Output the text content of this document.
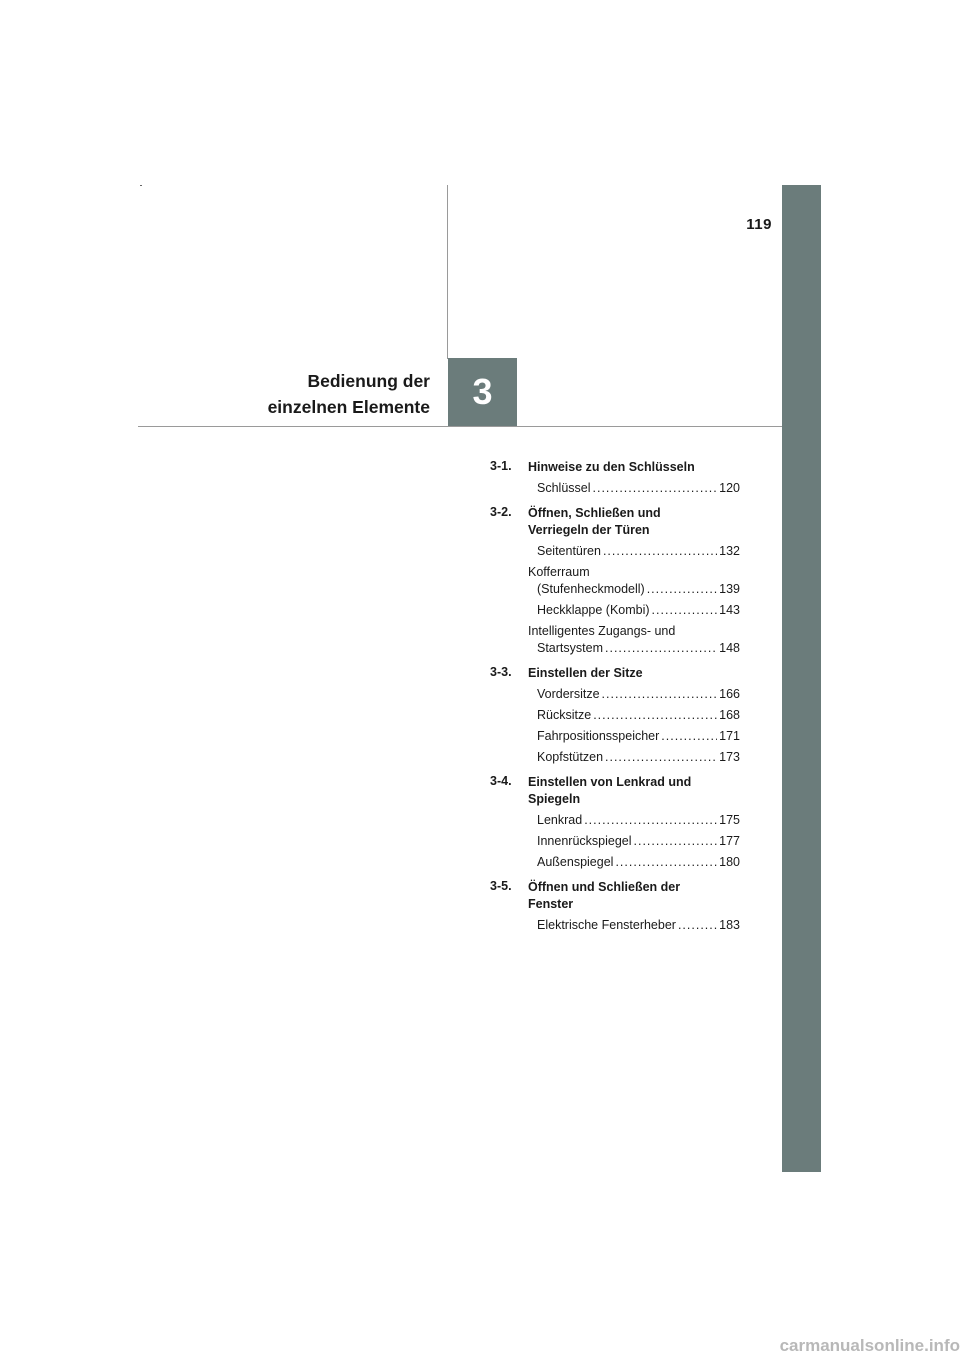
119
Bedienung der
einzelnen Elemente 3
3-1. Hinweise zu den Schlüsseln
Schlüssel .....	120
3-2. Öffnen, Schließen und
Verriegeln der Türen
Seitentüren .....	132
Kofferraum
(Stufenheckmodell) .....	139
Heckklappe (Kombi) .....	143
Intelligentes Zugangs- und
Startsystem .....	148
3-3. Einstellen der Sitze
Vordersitze .....	166
Rücksitze .....	168
Fahrpositionsspeicher .....	171
Kopfstützen .....	173
3-4. Einstellen von Lenkrad und
Spiegeln
Lenkrad .....	175
Innenrückspiegel .....	177
Außenspiegel .....	180
3-5. Öffnen und Schließen der
Fenster
Elektrische Fensterheber .....	183
carmanualsonline.info
